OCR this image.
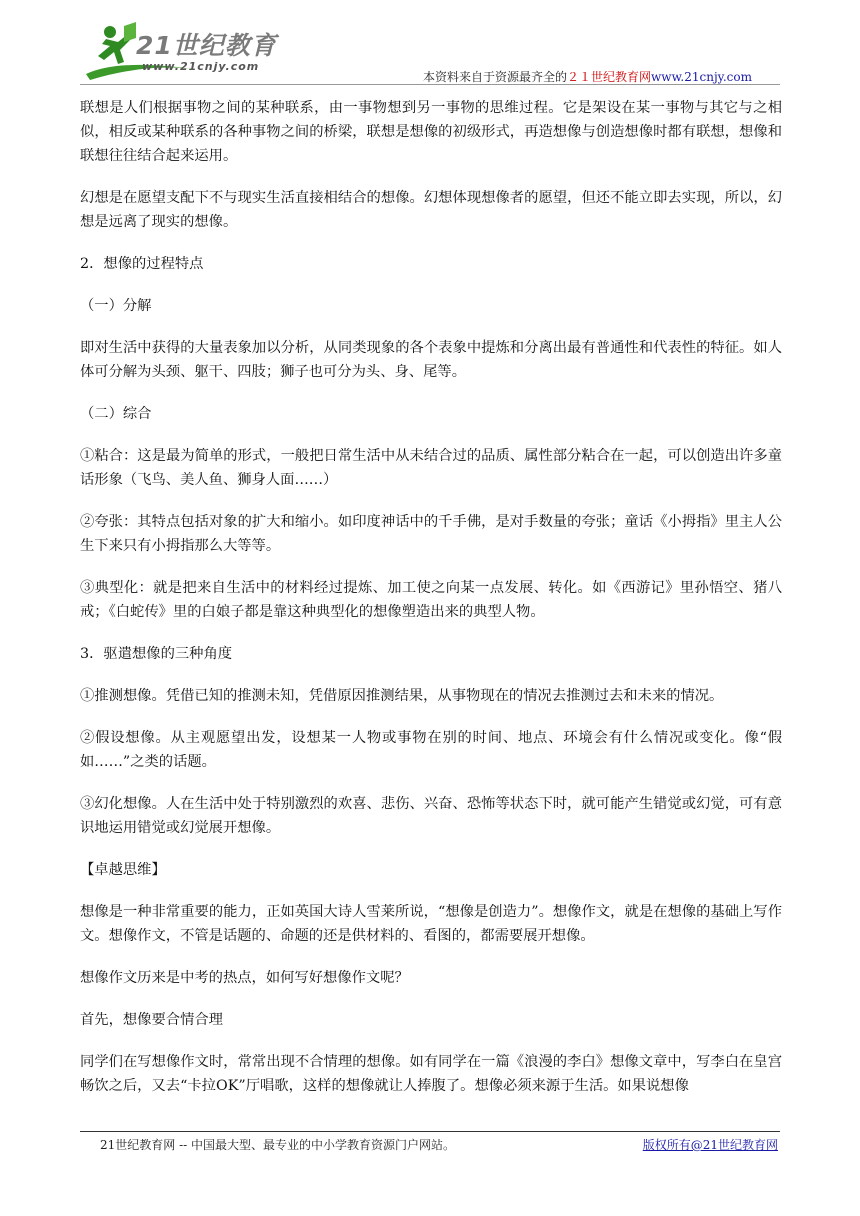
21世纪教育
www.21cnjy.com
本资料来自于资源最齐全的２１世纪教育网www.21cnjy.com

联想是人们根据事物之间的某种联系，由一事物想到另一事物的思维过程。它是架设在某一事物与其它与之相似，相反或某种联系的各种事物之间的桥梁，联想是想像的初级形式，再造想像与创造想像时都有联想，想像和联想往往结合起来运用。

幻想是在愿望支配下不与现实生活直接相结合的想像。幻想体现想像者的愿望，但还不能立即去实现，所以，幻想是远离了现实的想像。

2．想像的过程特点

（一）分解

即对生活中获得的大量表象加以分析，从同类现象的各个表象中提炼和分离出最有普通性和代表性的特征。如人体可分解为头颈、躯干、四肢；狮子也可分为头、身、尾等。

（二）综合

①粘合：这是最为简单的形式，一般把日常生活中从未结合过的品质、属性部分粘合在一起，可以创造出许多童话形象（飞鸟、美人鱼、狮身人面……）

②夸张：其特点包括对象的扩大和缩小。如印度神话中的千手佛，是对手数量的夸张；童话《小拇指》里主人公生下来只有小拇指那么大等等。

③典型化：就是把来自生活中的材料经过提炼、加工使之向某一点发展、转化。如《西游记》里孙悟空、猪八戒；《白蛇传》里的白娘子都是靠这种典型化的想像塑造出来的典型人物。

3．驱遣想像的三种角度

①推测想像。凭借已知的推测未知，凭借原因推测结果，从事物现在的情况去推测过去和未来的情况。

②假设想像。从主观愿望出发，设想某一人物或事物在别的时间、地点、环境会有什么情况或变化。像“假如……”之类的话题。

③幻化想像。人在生活中处于特别激烈的欢喜、悲伤、兴奋、恐怖等状态下时，就可能产生错觉或幻觉，可有意识地运用错觉或幻觉展开想像。

【卓越思维】

想像是一种非常重要的能力，正如英国大诗人雪莱所说，“想像是创造力”。想像作文，就是在想像的基础上写作文。想像作文，不管是话题的、命题的还是供材料的、看图的，都需要展开想像。

想像作文历来是中考的热点，如何写好想像作文呢？

首先，想像要合情合理

同学们在写想像作文时，常常出现不合情理的想像。如有同学在一篇《浪漫的李白》想像文章中，写李白在皇宫畅饮之后，又去“卡拉OK”厅唱歌，这样的想像就让人捧腹了。想像必须来源于生活。如果说想像

21世纪教育网 -- 中国最大型、最专业的中小学教育资源门户网站。	版权所有@21世纪教育网
